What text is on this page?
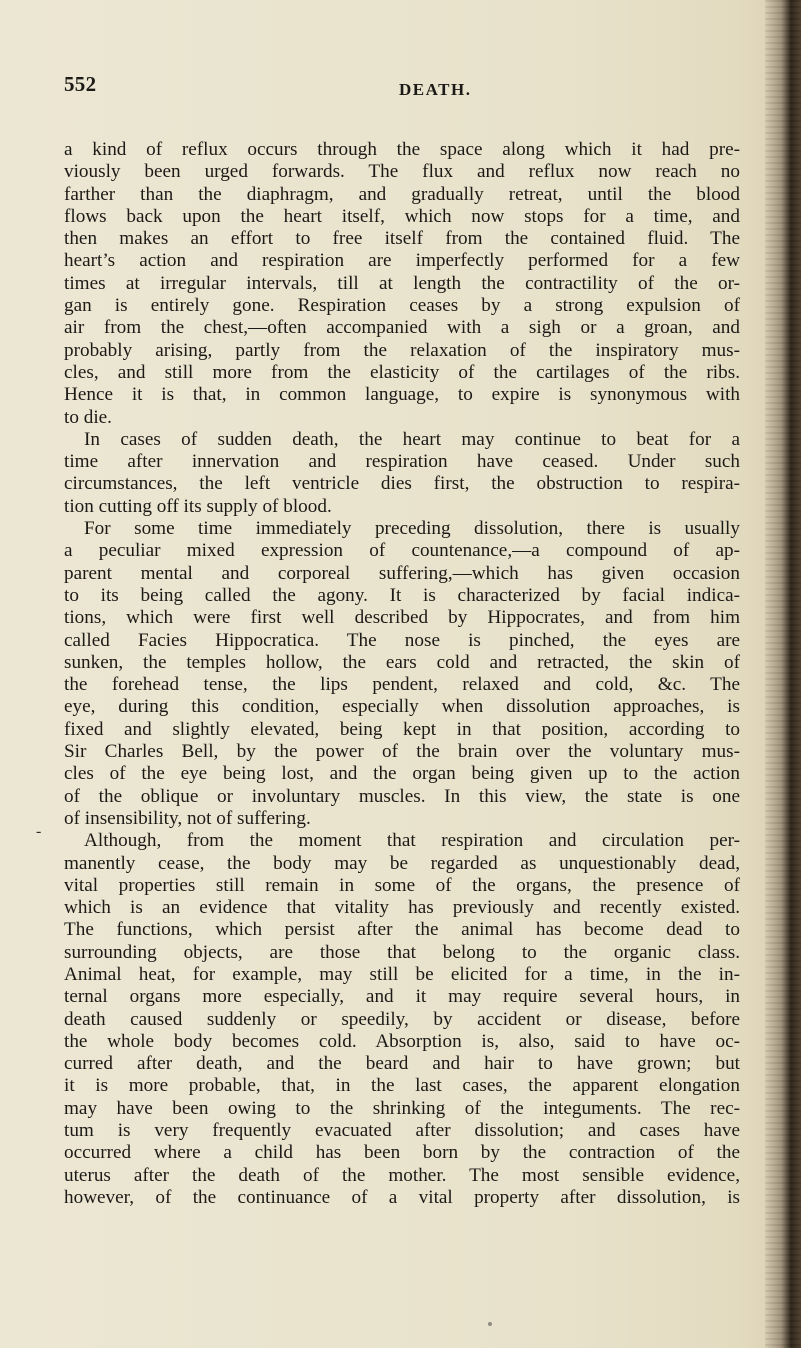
552	DEATH.
-
a kind of reflux occurs through the space along which it had pre-
viously been urged forwards. The flux and reflux now reach no
farther than the diaphragm, and gradually retreat, until the blood
flows back upon the heart itself, which now stops for a time, and
then makes an effort to free itself from the contained fluid. The
heart’s action and respiration are imperfectly performed for a few
times at irregular intervals, till at length the contractility of the or-
gan is entirely gone. Respiration ceases by a strong expulsion of
air from the chest,—often accompanied with a sigh or a groan, and
probably arising, partly from the relaxation of the inspiratory mus-
cles, and still more from the elasticity of the cartilages of the ribs.
Hence it is that, in common language, to expire is synonymous with
to die.
In cases of sudden death, the heart may continue to beat for a
time after innervation and respiration have ceased. Under such
circumstances, the left ventricle dies first, the obstruction to respira-
tion cutting off its supply of blood.
For some time immediately preceding dissolution, there is usually
a peculiar mixed expression of countenance,—a compound of ap-
parent mental and corporeal suffering,—which has given occasion
to its being called the agony. It is characterized by facial indica-
tions, which were first well described by Hippocrates, and from him
called Facies Hippocratica. The nose is pinched, the eyes are
sunken, the temples hollow, the ears cold and retracted, the skin of
the forehead tense, the lips pendent, relaxed and cold, &c. The
eye, during this condition, especially when dissolution approaches, is
fixed and slightly elevated, being kept in that position, according to
Sir Charles Bell, by the power of the brain over the voluntary mus-
cles of the eye being lost, and the organ being given up to the action
of the oblique or involuntary muscles. In this view, the state is one
of insensibility, not of suffering.
Although, from the moment that respiration and circulation per-
manently cease, the body may be regarded as unquestionably dead,
vital properties still remain in some of the organs, the presence of
which is an evidence that vitality has previously and recently existed.
The functions, which persist after the animal has become dead to
surrounding objects, are those that belong to the organic class.
Animal heat, for example, may still be elicited for a time, in the in-
ternal organs more especially, and it may require several hours, in
death caused suddenly or speedily, by accident or disease, before
the whole body becomes cold. Absorption is, also, said to have oc-
curred after death, and the beard and hair to have grown; but
it is more probable, that, in the last cases, the apparent elongation
may have been owing to the shrinking of the integuments. The rec-
tum is very frequently evacuated after dissolution; and cases have
occurred where a child has been born by the contraction of the
uterus after the death of the mother. The most sensible evidence,
however, of the continuance of a vital property after dissolution, is
